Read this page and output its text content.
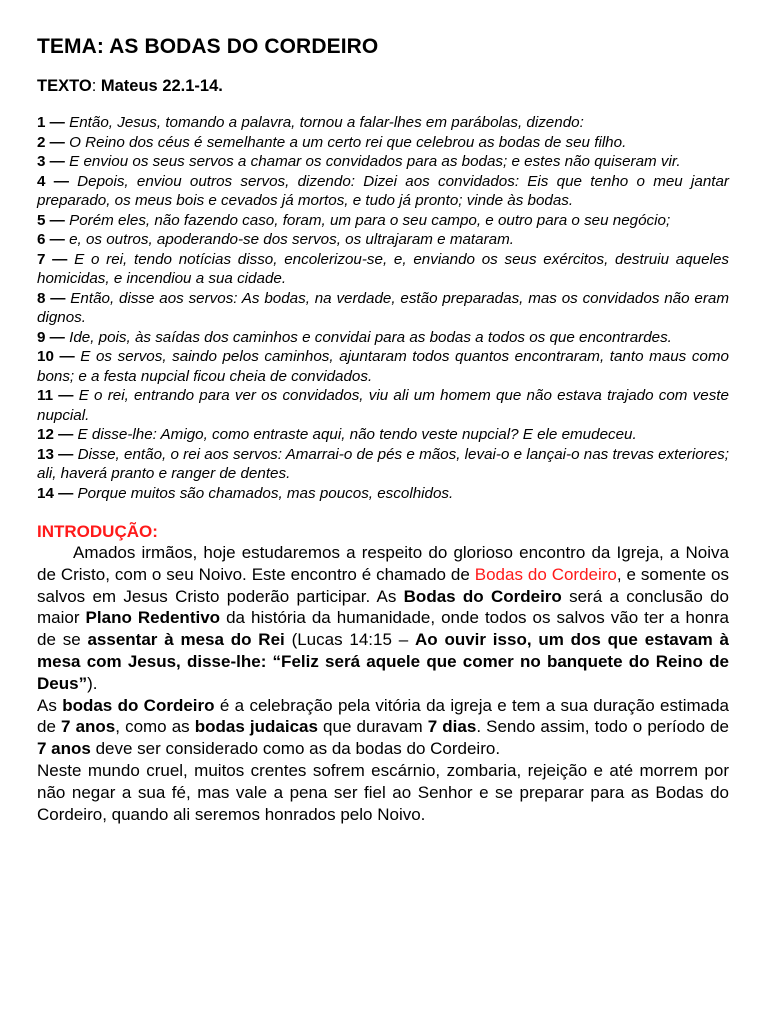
TEMA: AS BODAS DO CORDEIRO
TEXTO: Mateus 22.1-14.

1 — Então, Jesus, tomando a palavra, tornou a falar-lhes em parábolas, dizendo:

2 — O Reino dos céus é semelhante a um certo rei que celebrou as bodas de seu filho.

3 — E enviou os seus servos a chamar os convidados para as bodas; e estes não quiseram vir.

4 — Depois, enviou outros servos, dizendo: Dizei aos convidados: Eis que tenho o meu jantar preparado, os meus bois e cevados já mortos, e tudo já pronto; vinde às bodas.

5 — Porém eles, não fazendo caso, foram, um para o seu campo, e outro para o seu negócio;

6 — e, os outros, apoderando-se dos servos, os ultrajaram e mataram.

7 — E o rei, tendo notícias disso, encolerizou-se, e, enviando os seus exércitos, destruiu aqueles homicidas, e incendiou a sua cidade.

8 — Então, disse aos servos: As bodas, na verdade, estão preparadas, mas os convidados não eram dignos.

9 — Ide, pois, às saídas dos caminhos e convidai para as bodas a todos os que encontrardes.

10 — E os servos, saindo pelos caminhos, ajuntaram todos quantos encontraram, tanto maus como bons; e a festa nupcial ficou cheia de convidados.

11 — E o rei, entrando para ver os convidados, viu ali um homem que não estava trajado com veste nupcial.

12 — E disse-lhe: Amigo, como entraste aqui, não tendo veste nupcial? E ele emudeceu.

13 — Disse, então, o rei aos servos: Amarrai-o de pés e mãos, levai-o e lançai-o nas trevas exteriores; ali, haverá pranto e ranger de dentes.

14 — Porque muitos são chamados, mas poucos, escolhidos.

INTRODUÇÃO:

Amados irmãos, hoje estudaremos a respeito do glorioso encontro da Igreja, a Noiva de Cristo, com o seu Noivo. Este encontro é chamado de Bodas do Cordeiro, e somente os salvos em Jesus Cristo poderão participar. As Bodas do Cordeiro será a conclusão do maior Plano Redentivo da história da humanidade, onde todos os salvos vão ter a honra de se assentar à mesa do Rei (Lucas 14:15 – Ao ouvir isso, um dos que estavam à mesa com Jesus, disse-lhe: “Feliz será aquele que comer no banquete do Reino de Deus”).

As bodas do Cordeiro é a celebração pela vitória da igreja e tem a sua duração estimada de 7 anos, como as bodas judaicas que duravam 7 dias. Sendo assim, todo o período de 7 anos deve ser considerado como as da bodas do Cordeiro.

Neste mundo cruel, muitos crentes sofrem escárnio, zombaria, rejeição e até morrem por não negar a sua fé, mas vale a pena ser fiel ao Senhor e se preparar para as Bodas do Cordeiro, quando ali seremos honrados pelo Noivo.
